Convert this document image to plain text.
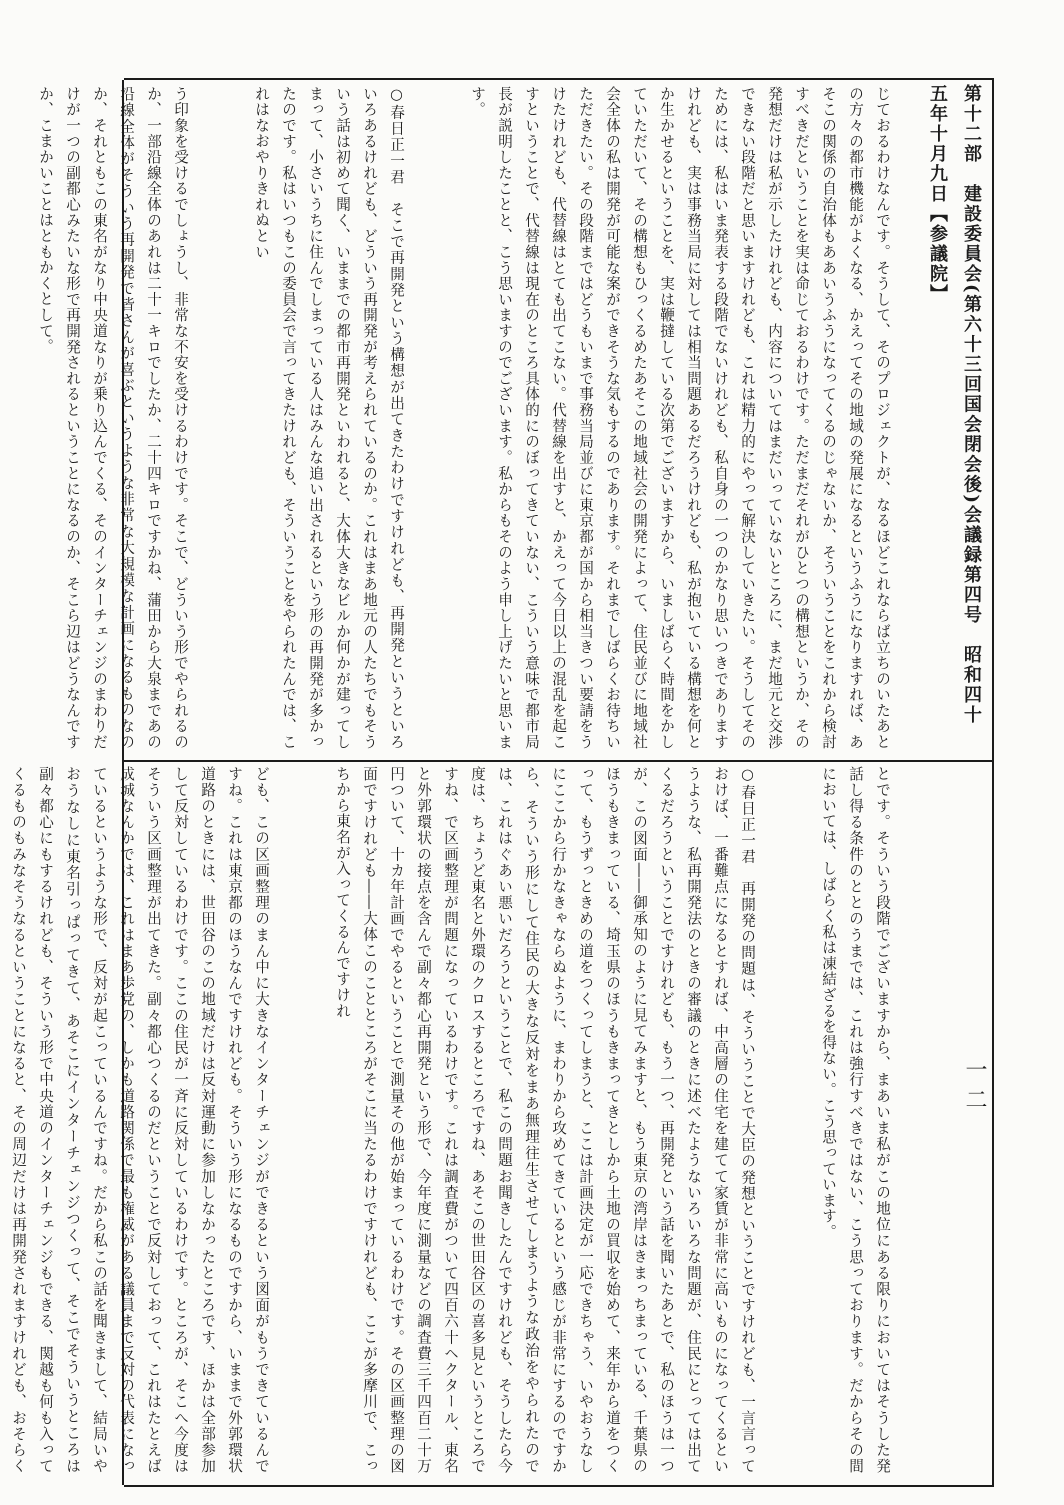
第十二部　建設委員会(第六十三回国会閉会後)会議録第四号　昭和四十五年十月九日【参議院】
一二

じておるわけなんです。そうして、そのプロジェクトが、なるほどこれならば立ちのいたあとの方々の都市機能がよくなる、かえってその地域の発展になるというふうになりますれば、あそこの関係の自治体もああいうふうになってくるのじゃないか、そういうことをこれから検討すべきだということを実は命じておるわけです。ただまだそれがひとつの構想というか、その発想だけは私が示したけれども、内容についてはまだいっていないところに、まだ地元と交渉できない段階だと思いますけれども、これは精力的にやって解決していきたい。そうしてそのためには、私はいま発表する段階でないけれども、私自身の一つのかなり思いつきでありますけれども、実は事務当局に対しては相当問題あるだろうけれども、私が抱いている構想を何とか生かせるということを、実は鞭撻している次第でございますから、いましばらく時間をかしていただいて、その構想もひっくるめたあそこの地域社会の開発によって、住民並びに地域社会全体の私は開発が可能な案ができそうな気もするのであります。それまでしばらくお待ちいただきたい。その段階まではどうもいまで事務当局並びに東京都が国から相当きつい要請をうけたけれども、代替線はとても出てこない。代替線を出すと、かえって今日以上の混乱を起こすということで、代替線は現在のところ具体的にのぼってきていない、こういう意味で都市局長が説明したことと、こう思いますのでございます。私からもそのよう申し上げたいと思います。

○春日正一君　そこで再開発という構想が出てきたわけですけれども、再開発というといろいろあるけれども、どういう再開発が考えられているのか。これはまあ地元の人たちでもそういう話は初めて聞く、いままでの都市再開発といわれると、大体大きなビルか何かが建ってしまって、小さいうちに住んでしまっている人はみんな追い出されるという形の再開発が多かったのです。私はいつもこの委員会で言ってきたけれども、そういうことをやられたんでは、これはなおやりきれぬとい

う印象を受けるでしょうし、非常な不安を受けるわけです。そこで、どういう形でやられるのか、一部沿線全体のあれは二十一キロでしたか、二十四キロですかね、蒲田から大泉まであの沿線全体がそういう再開発で皆さんが喜ぶというような非常な大規模な計画になるものなのか、それともこの東名がなり中央道なりが乗り込んでくる、そのインターチェンジのまわりだけが一つの副都心みたいな形で再開発されるということになるのか、そこら辺はどうなんですか、こまかいことはともかくとして。

とです。そういう段階でございますから、まあいま私がこの地位にある限りにおいてはそうした発話し得る条件のととのうまでは、これは強行すべきではない、こう思っております。だからその間においては、しばらく私は凍結ざるを得ない。こう思っています。

○春日正一君　再開発の問題は、そういうことで大臣の発想ということですけれども、一言言っておけば、一番難点になるとすれば、中高層の住宅を建てて家賃が非常に高いものになってくるというような、私再開発法のときの審議のときに述べたようないろいろな問題が、住民にとっては出てくるだろうということですけれども、もう一つ、再開発という話を聞いたあとで、私のほうは一つが、この図面――御承知のように見てみますと、もう東京の湾岸はきまっちまっている、千葉県のほうもきまっている、埼玉県のほうもきまってきとしから土地の買収を始めて、来年から道をつくって、もうずっときめの道をつくってしまうと、ここは計画決定が一応できちゃう、いやおうなしにここから行かなきゃならぬように、まわりから攻めてきているという感じが非常にするのですから、そういう形にして住民の大きな反対をまあ無理往生させてしまうような政治をやられたのでは、これはぐあい悪いだろうということで、私この問題お聞きしたんですけれども、そうしたら今度は、ちょうど東名と外環のクロスするところですね、あそこの世田谷区の喜多見というところですね、で区画整理が問題になっているわけです。これは調査費がついて四百六十ヘクタール、東名と外郭環状の接点を含んで副々都心再開発という形で、今年度に測量などの調査費三千四百二十万円ついて、十カ年計画でやるということで測量その他が始まっているわけです。その区画整理の図面ですけれども――大体このことところがそこに当たるわけですけれども、ここが多摩川で、こっちから東名が入ってくるんですけれ

ども、この区画整理のまん中に大きなインターチェンジができるという図面がもうできているんですね。これは東京都のほうなんですけれども。そういう形になるものですから、いままで外郭環状道路のときには、世田谷のこの地域だけは反対運動に参加しなかったところです、ほかは全部参加して反対しているわけです。ここの住民が一斉に反対しているわけです。ところが、そこへ今度はそういう区画整理が出てきた。副々都心つくるのだということで反対しておって、これはたとえば成城なんかでは、これはまあ歩党の、しかも道路関係で最も権威がある議員まで反対の代表になっているというような形で、反対が起こっているんですね。だから私この話を聞きまして、結局いやおうなしに東名引っぱってきて、あそこにインターチェンジつくって、そこでそういうところは副々都心にもするけれども、そういう形で中央道のインターチェンジもできる、関越も何も入ってくるものもみなそうなるということになると、その周辺だけは再開発されますけれども、おそらく
